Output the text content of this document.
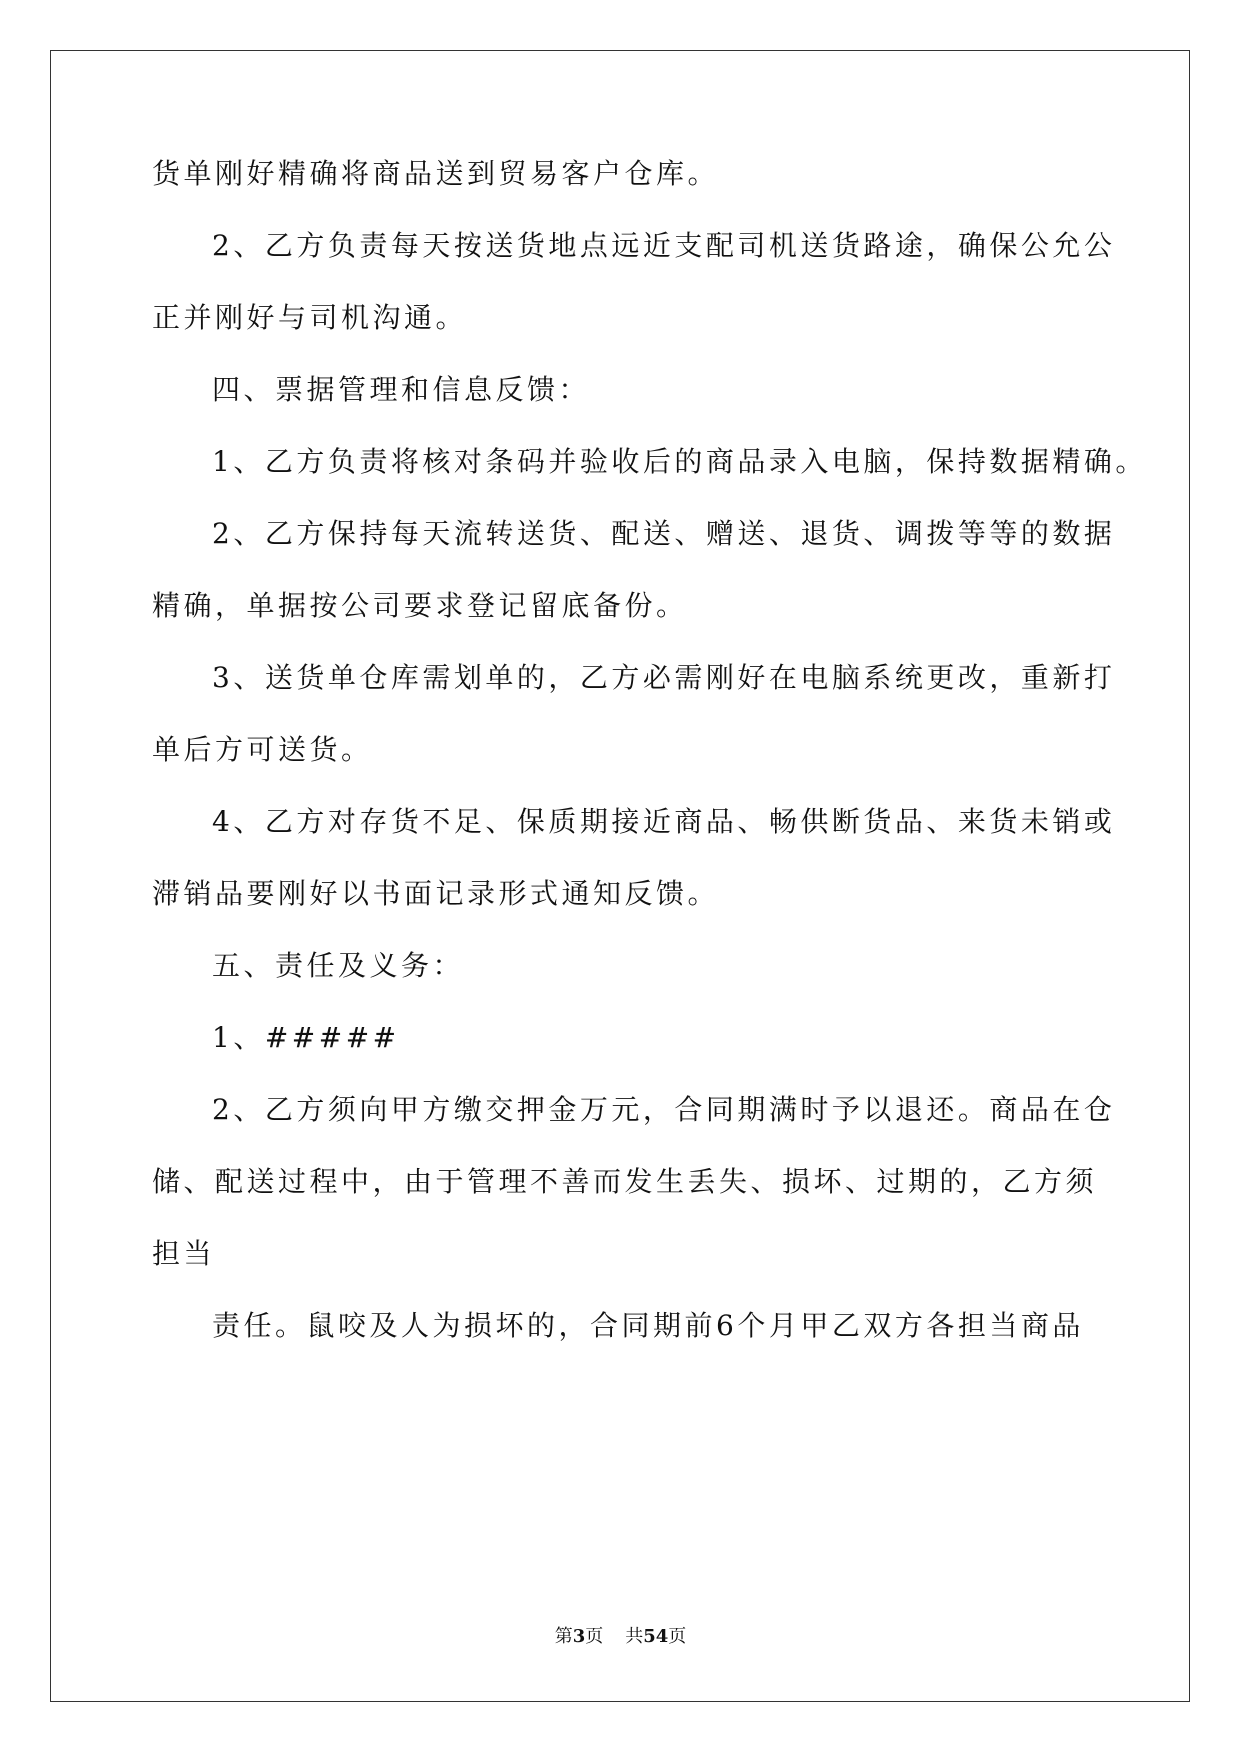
货单刚好精确将商品送到贸易客户仓库。

2、乙方负责每天按送货地点远近支配司机送货路途，确保公允公

正并刚好与司机沟通。

四、票据管理和信息反馈：

1、乙方负责将核对条码并验收后的商品录入电脑，保持数据精确。

2、乙方保持每天流转送货、配送、赠送、退货、调拨等等的数据

精确，单据按公司要求登记留底备份。

3、送货单仓库需划单的，乙方必需刚好在电脑系统更改，重新打

单后方可送货。

4、乙方对存货不足、保质期接近商品、畅供断货品、来货未销或

滞销品要刚好以书面记录形式通知反馈。

五、责任及义务：

1、#####

2、乙方须向甲方缴交押金万元，合同期满时予以退还。商品在仓

储、配送过程中，由于管理不善而发生丢失、损坏、过期的，乙方须

担当

责任。鼠咬及人为损坏的，合同期前6个月甲乙双方各担当商品

第3页 共54页
